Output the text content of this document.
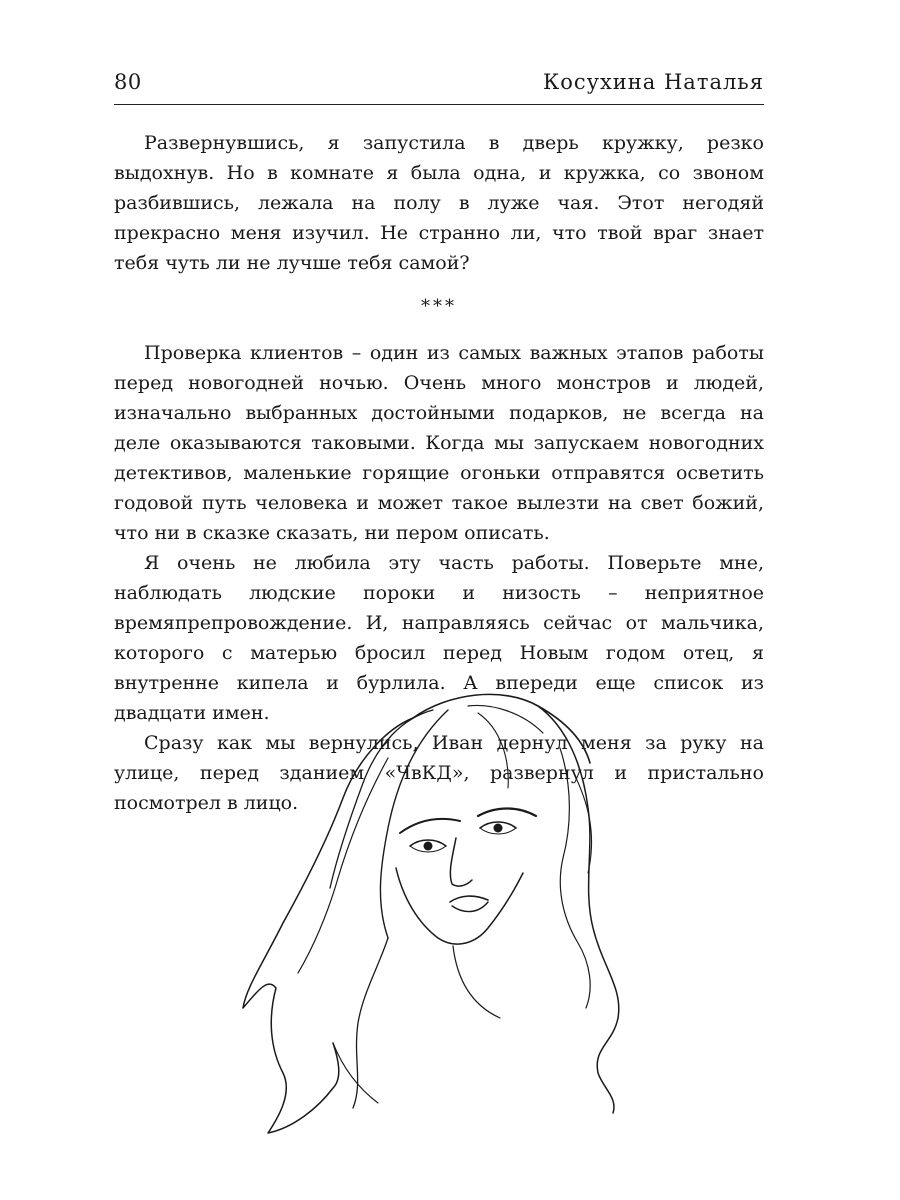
80	Косухина Наталья

Развернувшись, я запустила в дверь кружку, резко выдохнув. Но в комнате я была одна, и кружка, со звоном разбившись, лежала на полу в луже чая. Этот негодяй прекрасно меня изучил. Не странно ли, что твой враг знает тебя чуть ли не лучше тебя самой?

***

Проверка клиентов – один из самых важных этапов работы перед новогодней ночью. Очень много монстров и людей, изначально выбранных достойными подарков, не всегда на деле оказываются таковыми. Когда мы запускаем новогодних детективов, маленькие горящие огоньки отправятся осветить годовой путь человека и может такое вылезти на свет божий, что ни в сказке сказать, ни пером описать.

Я очень не любила эту часть работы. Поверьте мне, наблюдать людские пороки и низость – неприятное времяпрепровождение. И, направляясь сейчас от мальчика, которого с матерью бросил перед Новым годом отец, я внутренне кипела и бурлила. А впереди еще список из двадцати имен.

Сразу как мы вернулись, Иван дернул меня за руку на улице, перед зданием «ЧвКД», развернул и пристально посмотрел в лицо.
